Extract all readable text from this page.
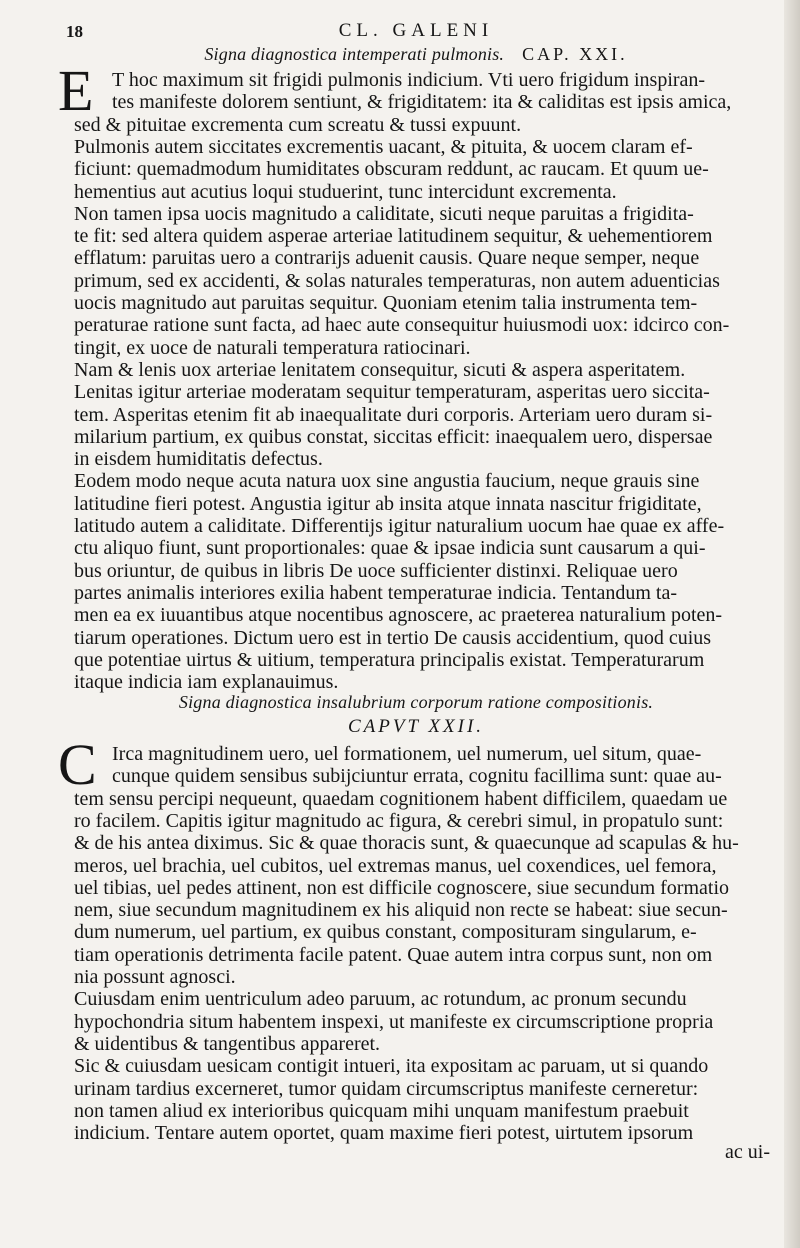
18	CL. GALENI
Signa diagnostica intemperati pulmonis. CAP. XXI.
E T hoc maximum sit frigidi pulmonis indicium. Vti uero frigidum inspiran-
tes manifeste dolorem sentiunt, & frigiditatem: ita & caliditas est ipsis amica,
sed & pituitae excrementa cum screatu & tussi expuunt.
Pulmonis autem siccitates excrementis uacant, & pituita, & uocem claram ef-
ficiunt: quemadmodum humiditates obscuram reddunt, ac raucam. Et quum ue-
hementius aut acutius loqui studuerint, tunc intercidunt excrementa.
Non tamen ipsa uocis magnitudo a caliditate, sicuti neque paruitas a frigidita-
te fit: sed altera quidem asperae arteriae latitudinem sequitur, & uehementiorem
efflatum: paruitas uero a contrarijs aduenit causis. Quare neque semper, neque
primum, sed ex accidenti, & solas naturales temperaturas, non autem aduenticias
uocis magnitudo aut paruitas sequitur. Quoniam etenim talia instrumenta tem-
peraturae ratione sunt facta, ad haec aute consequitur huiusmodi uox: idcirco con-
tingit, ex uoce de naturali temperatura ratiocinari.
Nam & lenis uox arteriae lenitatem consequitur, sicuti & aspera asperitatem.
Lenitas igitur arteriae moderatam sequitur temperaturam, asperitas uero siccita-
tem. Asperitas etenim fit ab inaequalitate duri corporis. Arteriam uero duram si-
milarium partium, ex quibus constat, siccitas efficit: inaequalem uero, dispersae
in eisdem humiditatis defectus.
Eodem modo neque acuta natura uox sine angustia faucium, neque grauis sine
latitudine fieri potest. Angustia igitur ab insita atque innata nascitur frigiditate,
latitudo autem a caliditate. Differentijs igitur naturalium uocum hae quae ex affe-
ctu aliquo fiunt, sunt proportionales: quae & ipsae indicia sunt causarum a qui-
bus oriuntur, de quibus in libris De uoce sufficienter distinxi. Reliquae uero
partes animalis interiores exilia habent temperaturae indicia. Tentandum ta-
men ea ex iuuantibus atque nocentibus agnoscere, ac praeterea naturalium poten-
tiarum operationes. Dictum uero est in tertio De causis accidentium, quod cuius
que potentiae uirtus & uitium, temperatura principalis existat. Temperaturarum
itaque indicia iam explanauimus.
Signa diagnostica insalubrium corporum ratione compositionis.
CAPVT XXII.
C Irca magnitudinem uero, uel formationem, uel numerum, uel situm, quae-
cunque quidem sensibus subijciuntur errata, cognitu facillima sunt: quae au-
tem sensu percipi nequeunt, quaedam cognitionem habent difficilem, quaedam ue
ro facilem. Capitis igitur magnitudo ac figura, & cerebri simul, in propatulo sunt:
& de his antea diximus. Sic & quae thoracis sunt, & quaecunque ad scapulas & hu-
meros, uel brachia, uel cubitos, uel extremas manus, uel coxendices, uel femora,
uel tibias, uel pedes attinent, non est difficile cognoscere, siue secundum formatio
nem, siue secundum magnitudinem ex his aliquid non recte se habeat: siue secun-
dum numerum, uel partium, ex quibus constant, composituram singularum, e-
tiam operationis detrimenta facile patent. Quae autem intra corpus sunt, non om
nia possunt agnosci.
Cuiusdam enim uentriculum adeo paruum, ac rotundum, ac pronum secundu
hypochondria situm habentem inspexi, ut manifeste ex circumscriptione propria
& uidentibus & tangentibus appareret.
Sic & cuiusdam uesicam contigit intueri, ita expositam ac paruam, ut si quando
urinam tardius excerneret, tumor quidam circumscriptus manifeste cerneretur:
non tamen aliud ex interioribus quicquam mihi unquam manifestum praebuit
indicium. Tentare autem oportet, quam maxime fieri potest, uirtutem ipsorum
ac ui-
